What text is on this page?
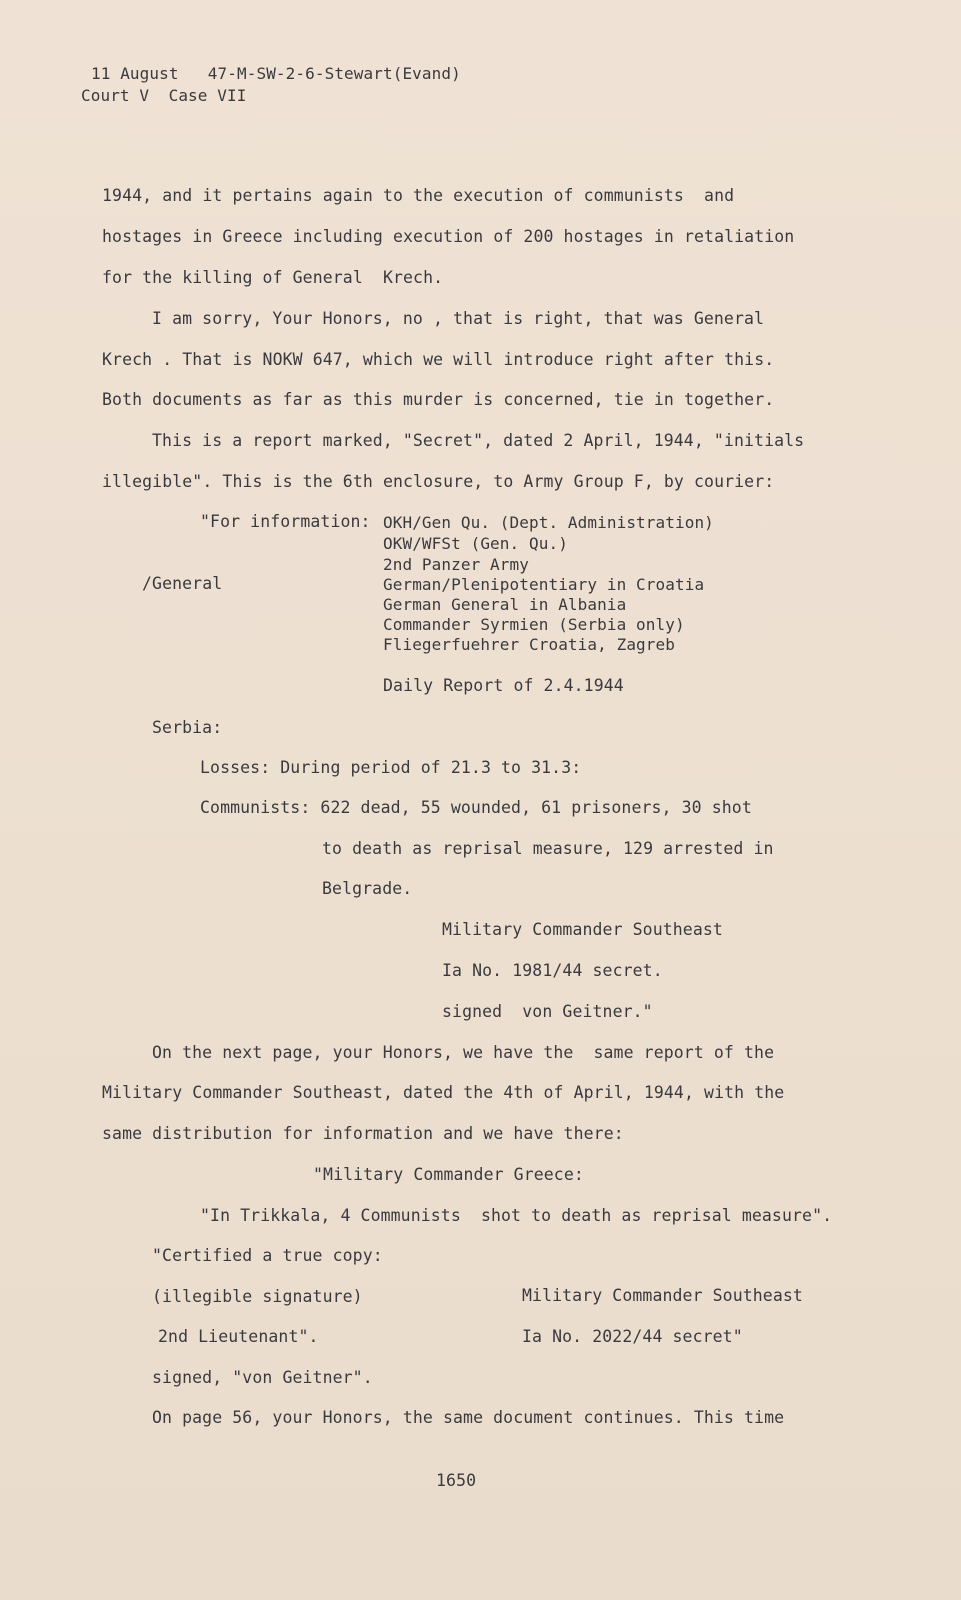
11 August   47-M-SW-2-6-Stewart(Evand)
Court V  Case VII
1944, and it pertains again to the execution of communists  and
hostages in Greece including execution of 200 hostages in retaliation
for the killing of General  Krech.
I am sorry, Your Honors, no , that is right, that was General
Krech . That is NOKW 647, which we will introduce right after this.
Both documents as far as this murder is concerned, tie in together.
This is a report marked, "Secret", dated 2 April, 1944, "initials
illegible". This is the 6th enclosure, to Army Group F, by courier:
"For information:
/General
OKH/Gen Qu. (Dept. Administration)
OKW/WFSt (Gen. Qu.)
2nd Panzer Army
German/Plenipotentiary in Croatia
German General in Albania
Commander Syrmien (Serbia only)
Fliegerfuehrer Croatia, Zagreb
Daily Report of 2.4.1944
Serbia:
Losses: During period of 21.3 to 31.3:
Communists: 622 dead, 55 wounded, 61 prisoners, 30 shot
to death as reprisal measure, 129 arrested in
Belgrade.
Military Commander Southeast
Ia No. 1981/44 secret.
signed  von Geitner."
On the next page, your Honors, we have the  same report of the
Military Commander Southeast, dated the 4th of April, 1944, with the
same distribution for information and we have there:
"Military Commander Greece:
"In Trikkala, 4 Communists  shot to death as reprisal measure".
"Certified a true copy:
(illegible signature)
2nd Lieutenant".
Military Commander Southeast
Ia No. 2022/44 secret"
signed, "von Geitner".
On page 56, your Honors, the same document continues. This time
1650
